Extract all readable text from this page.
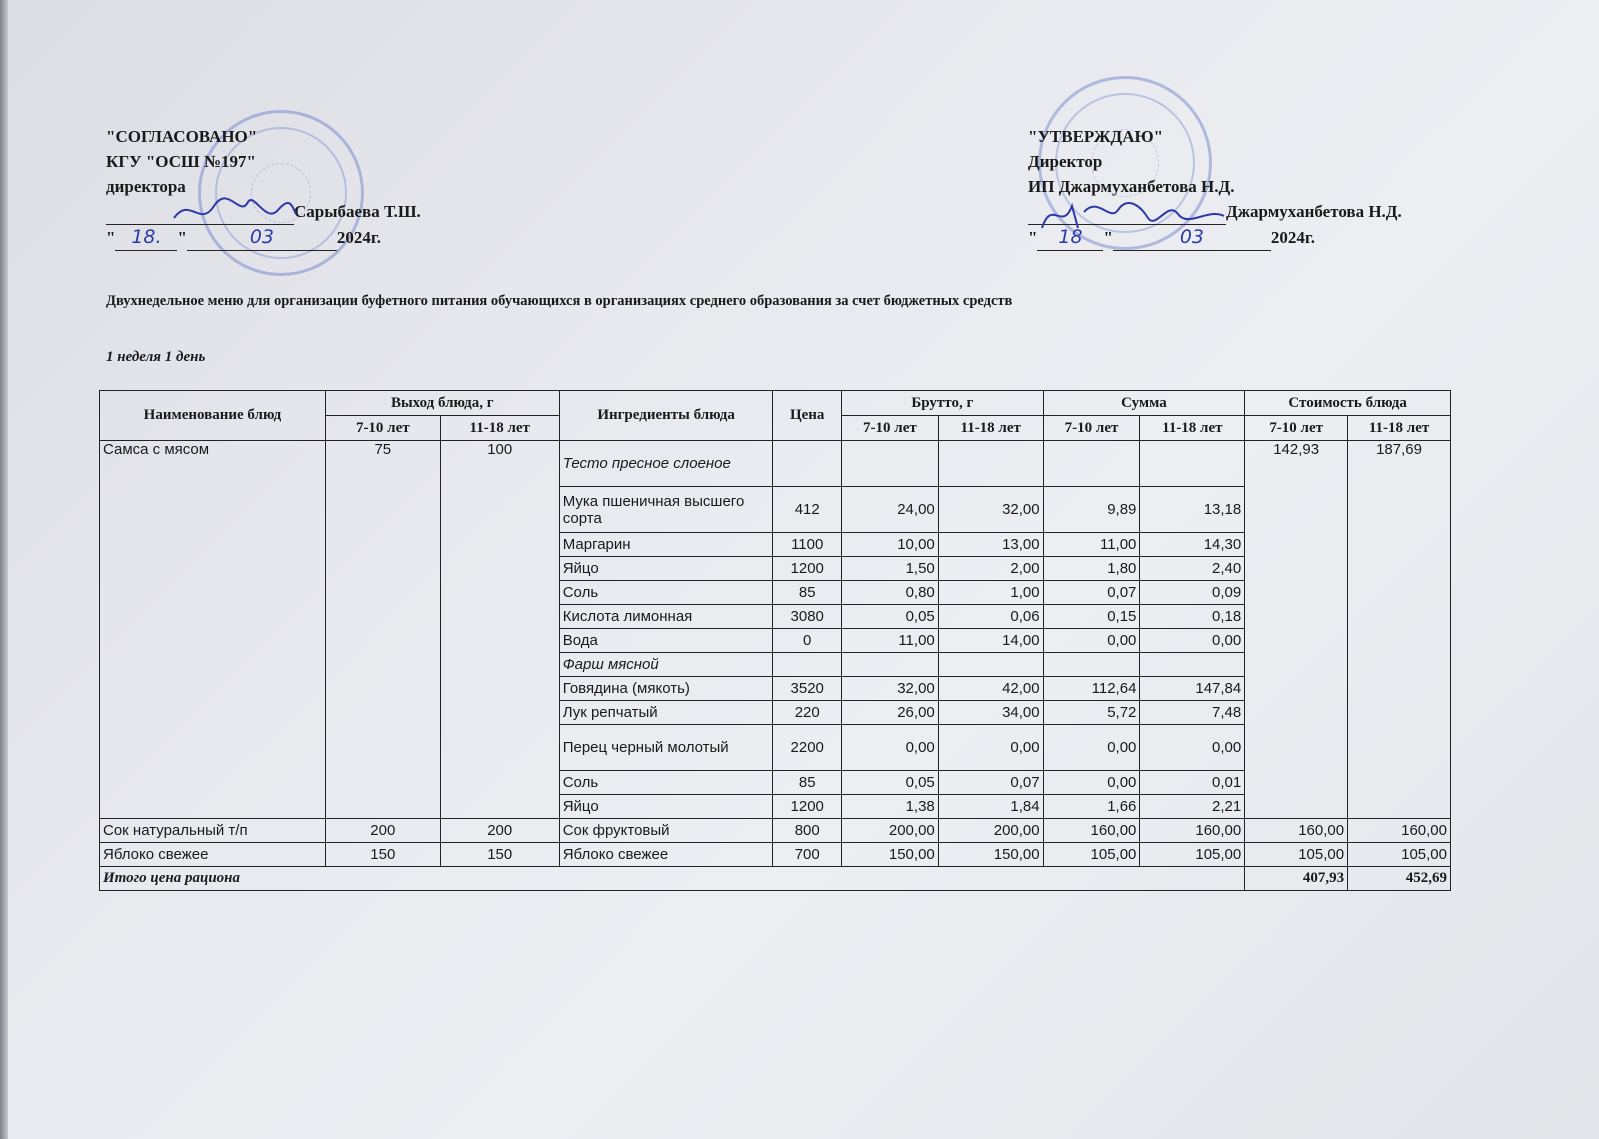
"СОГЛАСОВАНО"
КГУ "ОСШ №197"
директора
Сарыбаева Т.Ш.
" 18. "	03	2024г.
"УТВЕРЖДАЮ"
Директор
ИП Джармуханбетова Н.Д.
Джармуханбетова Н.Д.
" 18 "	03	2024г.
Двухнедельное меню для организации буфетного питания обучающихся в организациях среднего образования за счет бюджетных средств
1 неделя 1 день
Наименование блюд	Выход блюда, г		Ингредиенты блюда	Цена	Брутто, г		Сумма		Стоимость блюда	
	7-10 лет	11-18 лет			7-10 лет	11-18 лет	7-10 лет	11-18 лет	7-10 лет	11-18 лет
Самса с мясом	75	100	Тесто пресное слоеное						142,93	187,69
			Мука пшеничная высшего сорта	412	24,00	32,00	9,89	13,18		
			Маргарин	1100	10,00	13,00	11,00	14,30		
			Яйцо	1200	1,50	2,00	1,80	2,40		
			Соль	85	0,80	1,00	0,07	0,09		
			Кислота лимонная	3080	0,05	0,06	0,15	0,18		
			Вода	0	11,00	14,00	0,00	0,00		
			Фарш мясной							
			Говядина (мякоть)	3520	32,00	42,00	112,64	147,84		
			Лук репчатый	220	26,00	34,00	5,72	7,48		
			Перец черный молотый	2200	0,00	0,00	0,00	0,00		
			Соль	85	0,05	0,07	0,00	0,01		
			Яйцо	1200	1,38	1,84	1,66	2,21		
Сок натуральный т/п	200	200	Сок фруктовый	800	200,00	200,00	160,00	160,00	160,00	160,00
Яблоко свежее	150	150	Яблоко свежее	700	150,00	150,00	105,00	105,00	105,00	105,00
Итого цена рациона									407,93	452,69
